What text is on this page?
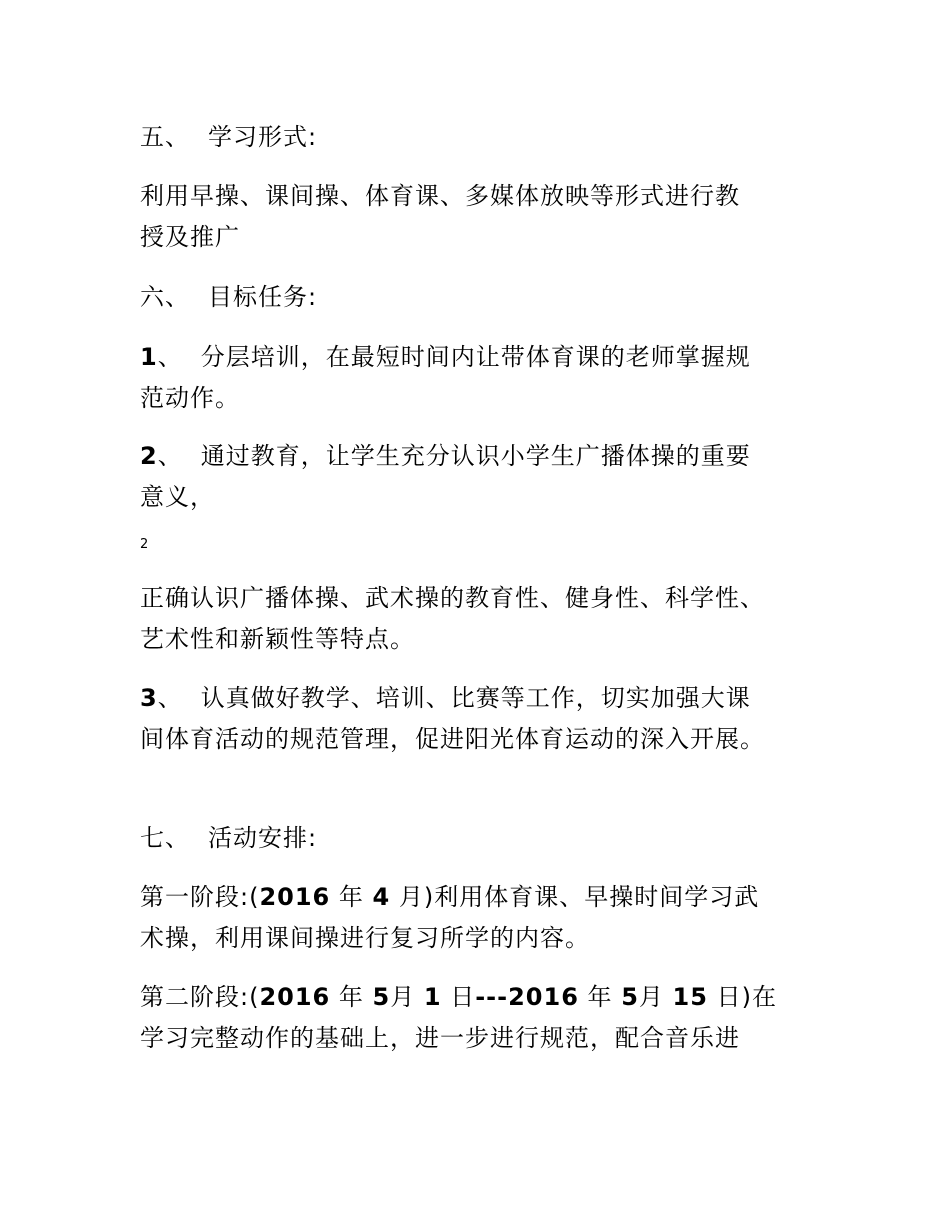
五、 学习形式:
利用早操、课间操、体育课、多媒体放映等形式进行教
授及推广
六、 目标任务:
1、 分层培训，在最短时间内让带体育课的老师掌握规
范动作。
2、 通过教育，让学生充分认识小学生广播体操的重要
意义，
2
正确认识广播体操、武术操的教育性、健身性、科学性、
艺术性和新颖性等特点。
3、 认真做好教学、培训、比赛等工作，切实加强大课
间体育活动的规范管理，促进阳光体育运动的深入开展。
七、 活动安排:
第一阶段:(2016 年 4 月)利用体育课、早操时间学习武
术操，利用课间操进行复习所学的内容。
第二阶段:(2016 年 5月 1 日---2016 年 5月 15 日)在
学习完整动作的基础上，进一步进行规范，配合音乐进
